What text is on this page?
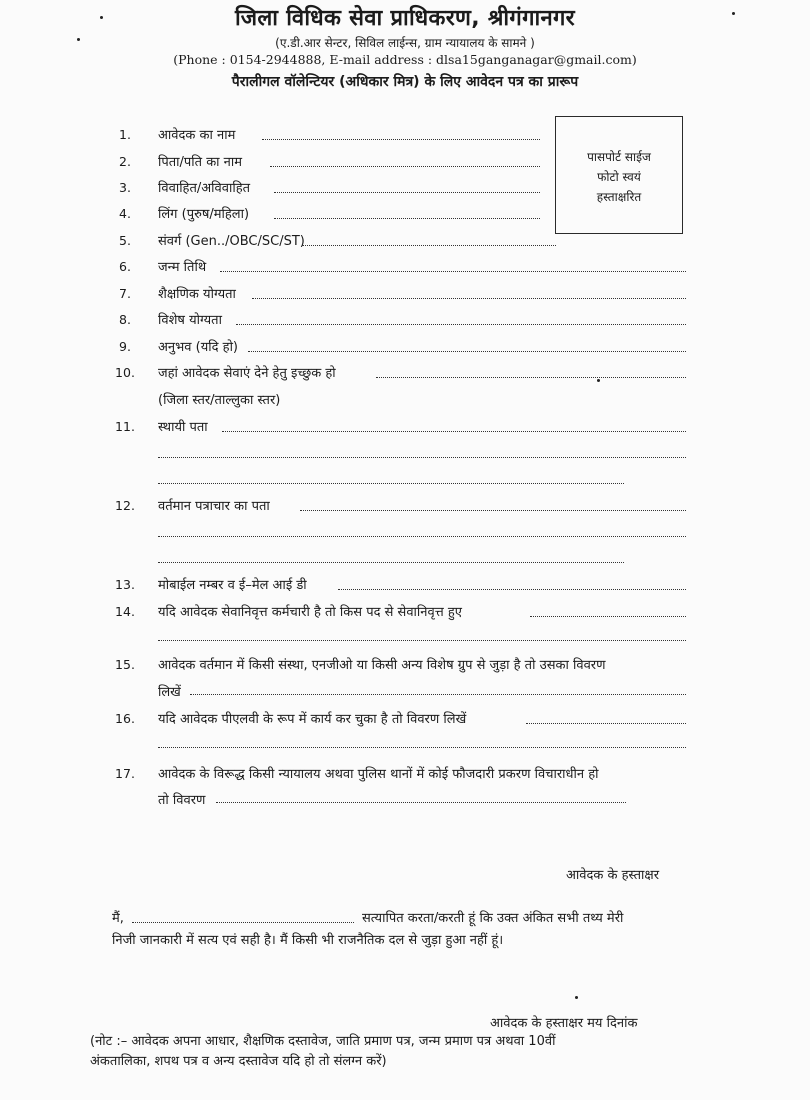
जिला विधिक सेवा प्राधिकरण, श्रीगंगानगर
(ए.डी.आर सेन्टर, सिविल लाईन्स, ग्राम न्यायालय के सामने )
(Phone : 0154-2944888, E-mail address : dlsa15ganganagar@gmail.com)
पैरालीगल वॉलेन्टियर (अधिकार मित्र) के लिए आवेदन पत्र का प्रारूप
पासपोर्ट साईज
फोटो स्वयं
हस्ताक्षरित
1.	आवेदक का नाम
2.	पिता/पति का नाम
3.	विवाहित/अविवाहित
4.	लिंग (पुरुष/महिला)
5.	संवर्ग (Gen../OBC/SC/ST)
6.	जन्म तिथि
7.	शैक्षणिक योग्यता
8.	विशेष योग्यता
9.	अनुभव (यदि हो)
10. जहां आवेदक सेवाएं देने हेतु इच्छुक हो
(जिला स्तर/ताल्लुका स्तर)
11. स्थायी पता
12. वर्तमान पत्राचार का पता
13. मोबाईल नम्बर व ई–मेल आई डी
14. यदि आवेदक सेवानिवृत्त कर्मचारी है तो किस पद से सेवानिवृत्त हुए
15. आवेदक वर्तमान में किसी संस्था, एनजीओ या किसी अन्य विशेष ग्रुप से जुड़ा है तो उसका विवरण
लिखें
16. यदि आवेदक पीएलवी के रूप में कार्य कर चुका है तो विवरण लिखें
17. आवेदक के विरूद्ध किसी न्यायालय अथवा पुलिस थानों में कोई फौजदारी प्रकरण विचाराधीन हो
तो विवरण
आवेदक के हस्ताक्षर
मैं,	सत्यापित करता/करती हूं कि उक्त अंकित सभी तथ्य मेरी
निजी जानकारी में सत्य एवं सही है। मैं किसी भी राजनैतिक दल से जुड़ा हुआ नहीं हूं।
आवेदक के हस्ताक्षर मय दिनांक
(नोट :– आवेदक अपना आधार, शैक्षणिक दस्तावेज, जाति प्रमाण पत्र, जन्म प्रमाण पत्र अथवा 10वीं
अंकतालिका, शपथ पत्र व अन्य दस्तावेज यदि हो तो संलग्न करें)
